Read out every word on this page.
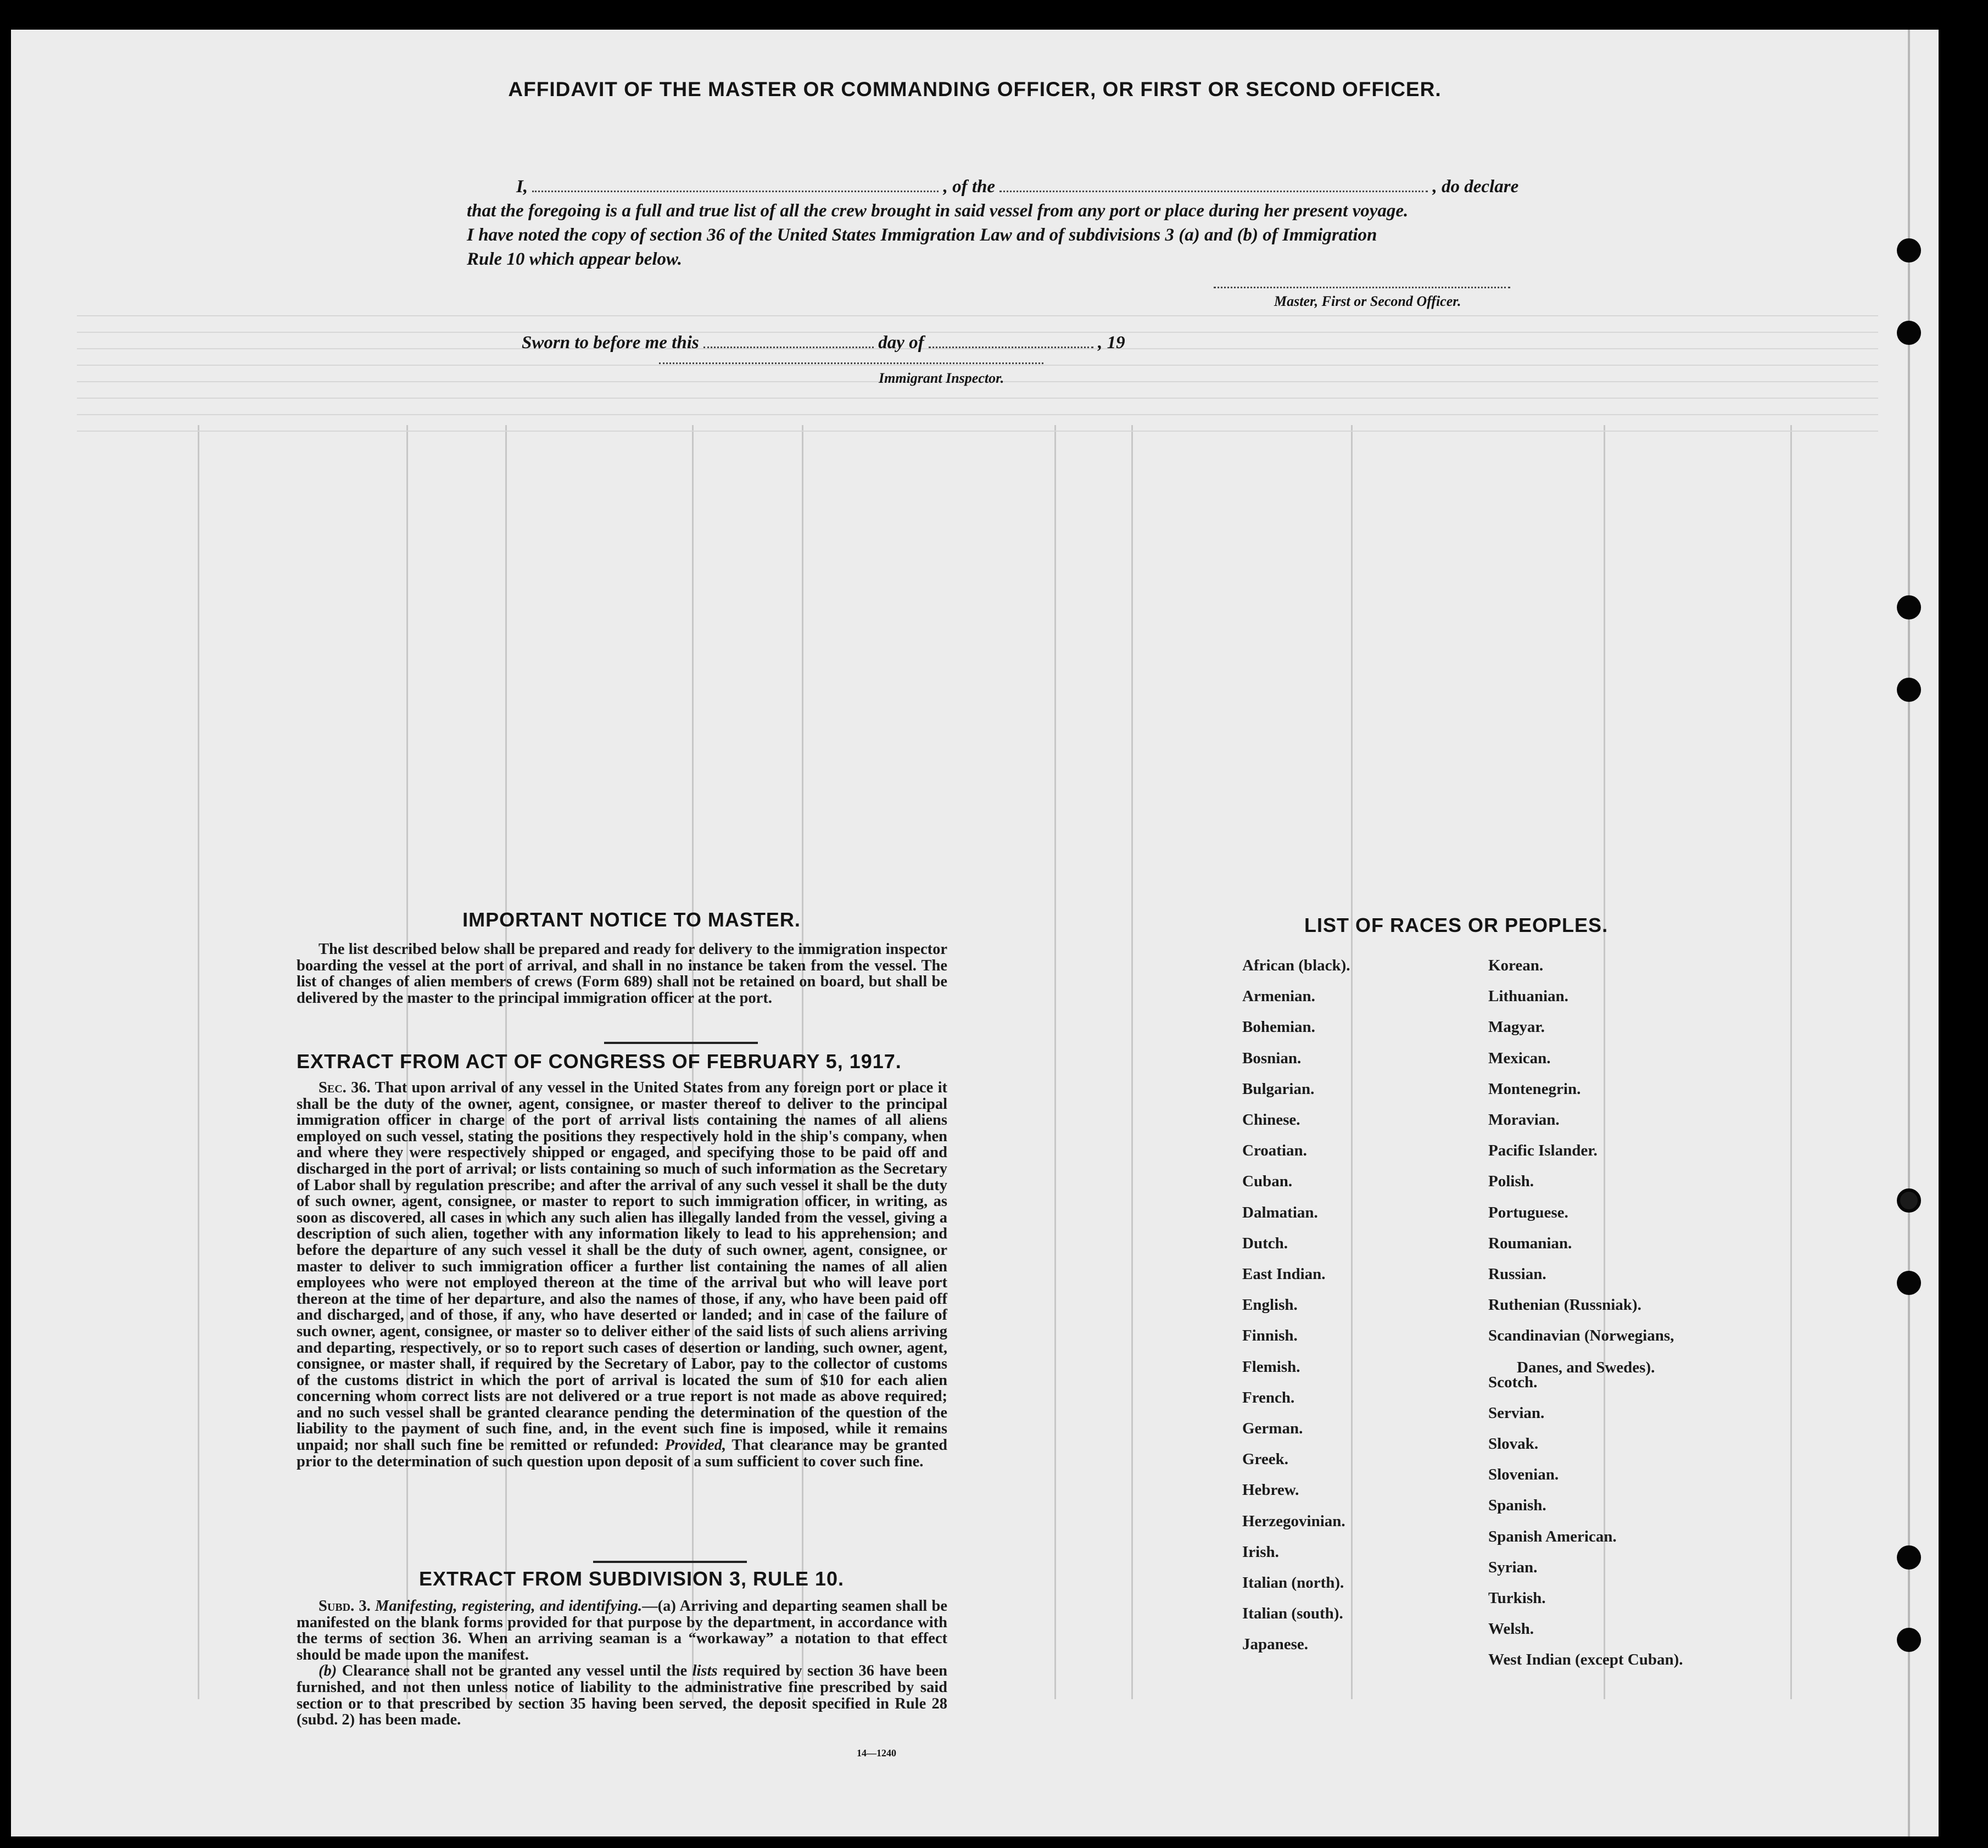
AFFIDAVIT OF THE MASTER OR COMMANDING OFFICER, OR FIRST OR SECOND OFFICER.
I,	, of the	, do declare
that the foregoing is a full and true list of all the crew brought in said vessel from any port or place during her present voyage.
I have noted the copy of section 36 of the United States Immigration Law and of subdivisions 3 (a) and (b) of Immigration
Rule 10 which appear below.
Master, First or Second Officer.
Sworn to before me this	day of	, 19
Immigrant Inspector.
IMPORTANT NOTICE TO MASTER.

The list described below shall be prepared and ready for delivery to the immigration inspector boarding the vessel at the port of arrival, and shall in no instance be taken from the vessel. The list of changes of alien members of crews (Form 689) shall not be retained on board, but shall be delivered by the master to the principal immigration officer at the port.

EXTRACT FROM ACT OF CONGRESS OF FEBRUARY 5, 1917.

Sec. 36. That upon arrival of any vessel in the United States from any foreign port or place it shall be the duty of the owner, agent, consignee, or master thereof to deliver to the principal immigration officer in charge of the port of arrival lists containing the names of all aliens employed on such vessel, stating the positions they respectively hold in the ship's company, when and where they were respectively shipped or engaged, and specifying those to be paid off and discharged in the port of arrival; or lists containing so much of such information as the Secretary of Labor shall by regulation prescribe; and after the arrival of any such vessel it shall be the duty of such owner, agent, consignee, or master to report to such immigration officer, in writing, as soon as discovered, all cases in which any such alien has illegally landed from the vessel, giving a description of such alien, together with any information likely to lead to his apprehension; and before the departure of any such vessel it shall be the duty of such owner, agent, consignee, or master to deliver to such immigration officer a further list containing the names of all alien employees who were not employed thereon at the time of the arrival but who will leave port thereon at the time of her departure, and also the names of those, if any, who have been paid off and discharged, and of those, if any, who have deserted or landed; and in case of the failure of such owner, agent, consignee, or master so to deliver either of the said lists of such aliens arriving and departing, respectively, or so to report such cases of desertion or landing, such owner, agent, consignee, or master shall, if required by the Secretary of Labor, pay to the collector of customs of the customs district in which the port of arrival is located the sum of $10 for each alien concerning whom correct lists are not delivered or a true report is not made as above required; and no such vessel shall be granted clearance pending the determination of the question of the liability to the payment of such fine, and, in the event such fine is imposed, while it remains unpaid; nor shall such fine be remitted or refunded: Provided, That clearance may be granted prior to the determination of such question upon deposit of a sum sufficient to cover such fine.

EXTRACT FROM SUBDIVISION 3, RULE 10.

Subd. 3. Manifesting, registering, and identifying.—(a) Arriving and departing seamen shall be manifested on the blank forms provided for that purpose by the department, in accordance with the terms of section 36. When an arriving seaman is a “workaway” a notation to that effect should be made upon the manifest.

(b) Clearance shall not be granted any vessel until the lists required by section 36 have been furnished, and not then unless notice of liability to the administrative fine prescribed by said section or to that prescribed by section 35 having been served, the deposit specified in Rule 28 (subd. 2) has been made.

14—1240
LIST OF RACES OR PEOPLES.
African (black).
Armenian.
Bohemian.
Bosnian.
Bulgarian.
Chinese.
Croatian.
Cuban.
Dalmatian.
Dutch.
East Indian.
English.
Finnish.
Flemish.
French.
German.
Greek.
Hebrew.
Herzegovinian.
Irish.
Italian (north).
Italian (south).
Japanese.
Korean.
Lithuanian.
Magyar.
Mexican.
Montenegrin.
Moravian.
Pacific Islander.
Polish.
Portuguese.
Roumanian.
Russian.
Ruthenian (Russniak).
Scandinavian (Norwegians,
Scotch.
Servian.
Slovak.
Slovenian.
Spanish.
Spanish American.
Syrian.
Turkish.
Welsh.
West Indian (except Cuban).
Danes, and Swedes).
